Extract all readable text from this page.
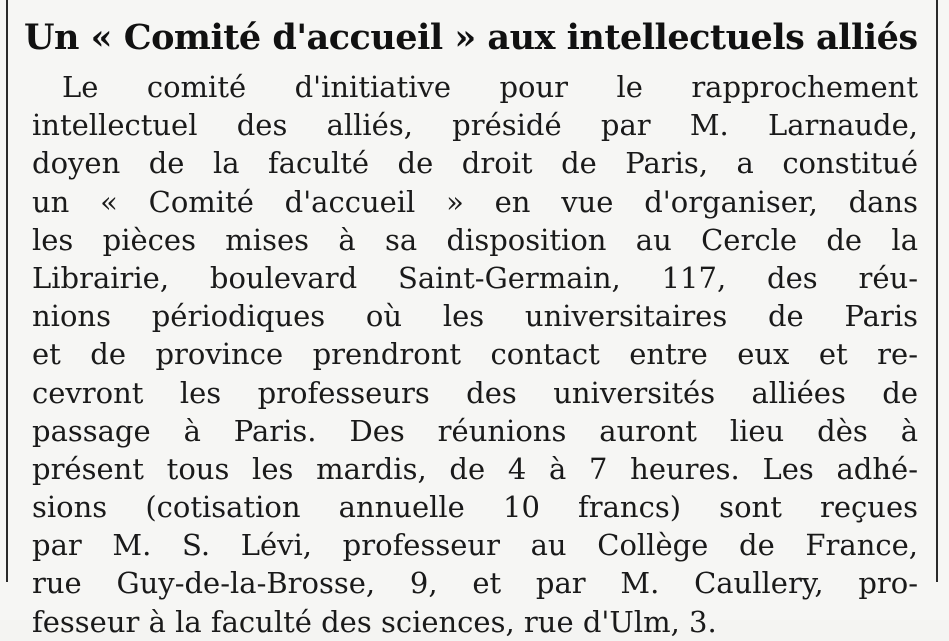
Un « Comité d'accueil » aux intellectuels alliés
Le comité d'initiative pour le rapprochement
intellectuel des alliés, présidé par M. Larnaude,
doyen de la faculté de droit de Paris, a constitué
un « Comité d'accueil » en vue d'organiser, dans
les pièces mises à sa disposition au Cercle de la
Librairie, boulevard Saint-Germain, 117, des réu-
nions périodiques où les universitaires de Paris
et de province prendront contact entre eux et re-
cevront les professeurs des universités alliées de
passage à Paris. Des réunions auront lieu dès à
présent tous les mardis, de 4 à 7 heures. Les adhé-
sions (cotisation annuelle 10 francs) sont reçues
par M. S. Lévi, professeur au Collège de France,
rue Guy-de-la-Brosse, 9, et par M. Caullery, pro-
fesseur à la faculté des sciences, rue d'Ulm, 3.
